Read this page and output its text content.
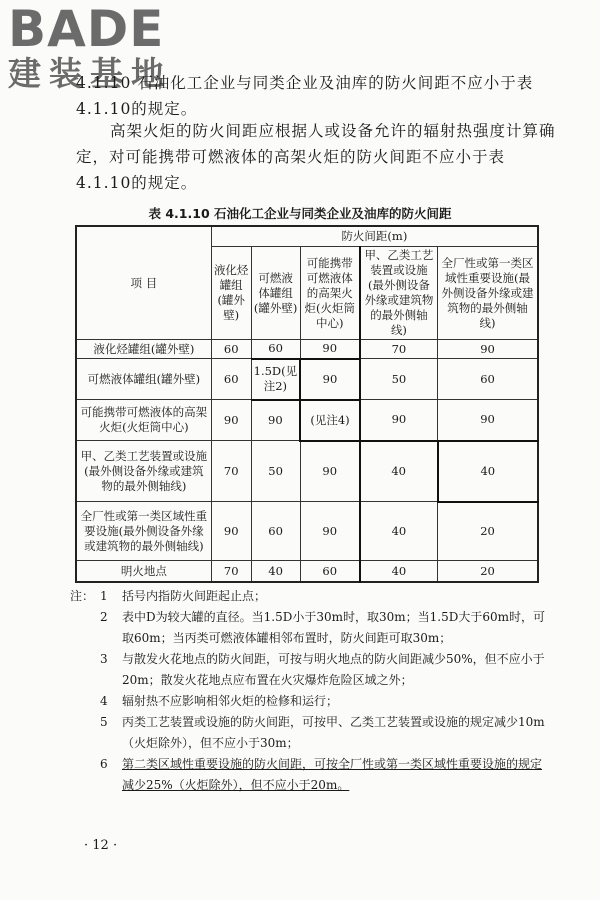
BADE
建装基地
4.1.10 石油化工企业与同类企业及油库的防火间距不应小于表4.1.10的规定。
高架火炬的防火间距应根据人或设备允许的辐射热强度计算确定，对可能携带可燃液体的高架火炬的防火间距不应小于表4.1.10的规定。
表 4.1.10 石油化工企业与同类企业及油库的防火间距
项 目	防火间距(m)				
	液化烃罐组(罐外壁)	可燃液体罐组(罐外壁)	可能携带可燃液体的高架火炬(火炬筒中心)	甲、乙类工艺装置或设施(最外侧设备外缘或建筑物的最外侧轴线)	全厂性或第一类区域性重要设施(最外侧设备外缘或建筑物的最外侧轴线)
液化烃罐组(罐外壁)	60	60	90	70	90
可燃液体罐组(罐外壁)	60	1.5D(见注2)	90	50	60
可能携带可燃液体的高架火炬(火炬筒中心)	90	90	(见注4)	90	90
甲、乙类工艺装置或设施(最外侧设备外缘或建筑物的最外侧轴线)	70	50	90	40	40
全厂性或第一类区域性重要设施(最外侧设备外缘或建筑物的最外侧轴线)	90	60	90	40	20
明火地点	70	40	60	40	20
注： 1 括号内指防火间距起止点；
2 表中D为较大罐的直径。当1.5D小于30m时，取30m；当1.5D大于60m时，可取60m；当丙类可燃液体罐相邻布置时，防火间距可取30m；
3 与散发火花地点的防火间距，可按与明火地点的防火间距减少50%，但不应小于20m；散发火花地点应布置在火灾爆炸危险区域之外；
4 辐射热不应影响相邻火炬的检修和运行；
5 丙类工艺装置或设施的防火间距，可按甲、乙类工艺装置或设施的规定减少10m（火炬除外），但不应小于30m；
6 第二类区域性重要设施的防火间距，可按全厂性或第一类区域性重要设施的规定减少25%（火炬除外），但不应小于20m。
· 12 ·
